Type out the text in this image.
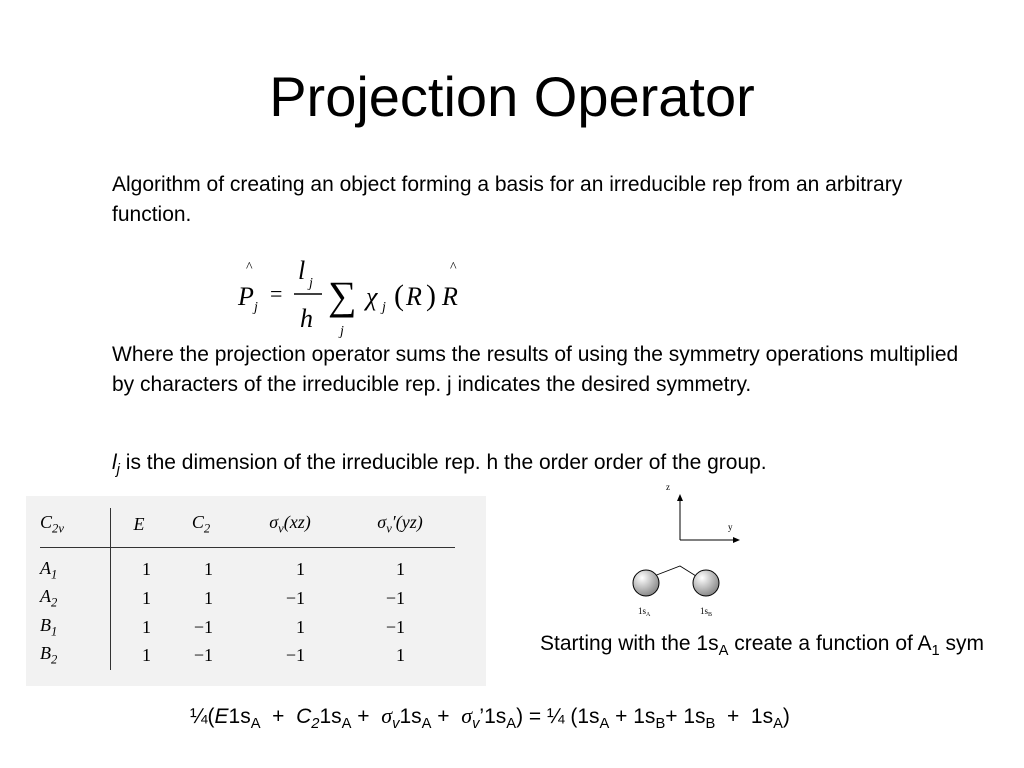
Projection Operator
Algorithm of creating an object forming a basis for an irreducible rep from an arbitrary function.
^
P j
=
l j
h
∑
j
χ j ( R )
^
R
Where the projection operator sums the results of using the symmetry operations multiplied by characters of the irreducible rep. j indicates the desired symmetry.
$l_j$ is the dimension of the irreducible rep. h the order order of the group.
$C_{2v}$	E	$C_2$	$\sigma_v(xz)$	$\sigma_v'(yz)$
$A_1$	1	1	1	1
$A_2$	1	1	−1	−1
$B_1$	1	−1	1	−1
$B_2$	1	−1	−1	1
z
y
$1s_A$	$1s_B$
Starting with the $1s_A$ create a function of $A_1$ sym
$\frac{1}{4}(E1s_A + C_21s_A + \sigma_v1s_A$ +  $\sigma_v’1s_A$) = ¼ $(1s_A + 1s_B+ 1s_B + 1s_A)$
